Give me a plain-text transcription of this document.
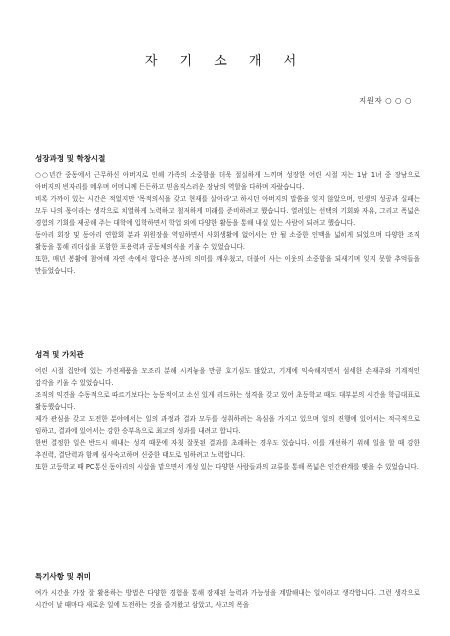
자 기 소 개 서
지원자 ○ ○ ○
성장과정 및 학창시절

○○년간 중동에서 근무하신 아버지로 인해 가족의 소중함을 더욱 절실하게 느끼며 성장한 어린 시절 저는 1남 1녀 중 장남으로 아버지의 빈자리를 메우며 어머니께 든든하고 믿음직스러운 장남의 역할을 다하며 자랐습니다.

비록 가까이 있는 시간은 적었지만 '목적의식을 갖고 현재를 살아라'고 하시던 아버지의 말씀을 잊지 않았으며, 인생의 성공과 실패는 모두 나의 몫이라는 생각으로 치열하게 노력하고 철저하게 미래를 준비하려고 했습니다. 열려있는 선택의 기회와 자유, 그리고 폭넓은 경험의 기회를 제공해 주는 대학에 입학하면서 학업 외에 다양한 활동을 통해 내실 있는 사람이 되려고 했습니다.

동아리 회장 및 동아리 연합회 분과 위원장을 역임하면서 사회생활에 없어서는 안 될 소중한 인맥을 넓히게 되었으며 다양한 조직 활동을 통해 리더십을 포함한 포용력과 공동체의식을 키울 수 있었습니다.

또한, 매년 봉활에 참여해 자연 속에서 함다운 봉사의 의미를 깨우쳤고, 더불어 사는 이웃의 소중함을 되새기며 잊지 못할 추억들을 만들었습니다.

성격 및 가치관

어린 시절 집안에 있는 가전제품을 모조리 분해 시켜놓을 만큼 호기심도 많았고, 기계에 익숙해지면서 섬세한 손재주와 기계적인 감각을 키울 수 있었습니다.

조직의 익견을 수동적으로 따르기보다는 능동적이고 소신 있게 리드하는 성격을 갖고 있어 초등학교 때도 대부분의 시간을 학급대표로 활동했습니다.

제가 관심을 갖고 도전한 분야에서는 일의 과정과 결과 모두를 성취하려는 욕심을 가지고 있으며 일의 진행에 있어서는 적극적으로 임하고, 결과에 있어서는 강한 승부욕으로 최고의 성과를 내려고 합니다.

한번 결정한 일은 반드시 해내는 성격 때문에 자칫 잘못된 결과를 초래하는 경우도 있습니다. 이를 개선하기 위해 일을 할 때 강한 추진력, 결단력과 함께 심사숙고하며 신중한 태도로 임하려고 노력합니다.

또한 고등학교 때 PC통신 동아리의 시삽을 맡으면서 개성 있는 다양한 사람들과의 교류를 통해 폭넓은 인간관계를 맺을 수 있었습니다.

특기사항 및 취미

여가 시간을 가장 잘 활용하는 방법은 다양한 경험을 통해 잠재된 능력과 가능성을 계발해내는 일이라고 생각합니다. 그런 생각으로 시간이 날 때마다 새로운 일에 도전하는 것을 즐겨왔고 삼았고, 사고의 폭을
